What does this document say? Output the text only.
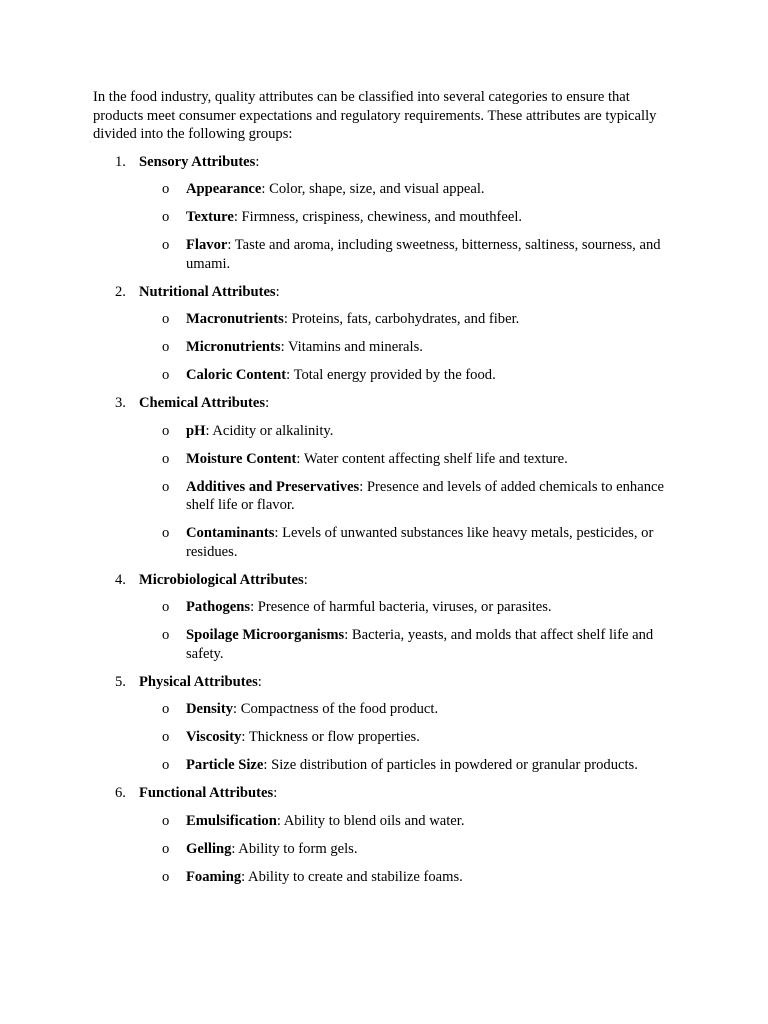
In the food industry, quality attributes can be classified into several categories to ensure that products meet consumer expectations and regulatory requirements. These attributes are typically divided into the following groups:

1. Sensory Attributes:
o Appearance: Color, shape, size, and visual appeal.
o Texture: Firmness, crispiness, chewiness, and mouthfeel.
o Flavor: Taste and aroma, including sweetness, bitterness, saltiness, sourness, and umami.
2. Nutritional Attributes:
o Macronutrients: Proteins, fats, carbohydrates, and fiber.
o Micronutrients: Vitamins and minerals.
o Caloric Content: Total energy provided by the food.
3. Chemical Attributes:
o pH: Acidity or alkalinity.
o Moisture Content: Water content affecting shelf life and texture.
o Additives and Preservatives: Presence and levels of added chemicals to enhance shelf life or flavor.
o Contaminants: Levels of unwanted substances like heavy metals, pesticides, or residues.
4. Microbiological Attributes:
o Pathogens: Presence of harmful bacteria, viruses, or parasites.
o Spoilage Microorganisms: Bacteria, yeasts, and molds that affect shelf life and safety.
5. Physical Attributes:
o Density: Compactness of the food product.
o Viscosity: Thickness or flow properties.
o Particle Size: Size distribution of particles in powdered or granular products.
6. Functional Attributes:
o Emulsification: Ability to blend oils and water.
o Gelling: Ability to form gels.
o Foaming: Ability to create and stabilize foams.
